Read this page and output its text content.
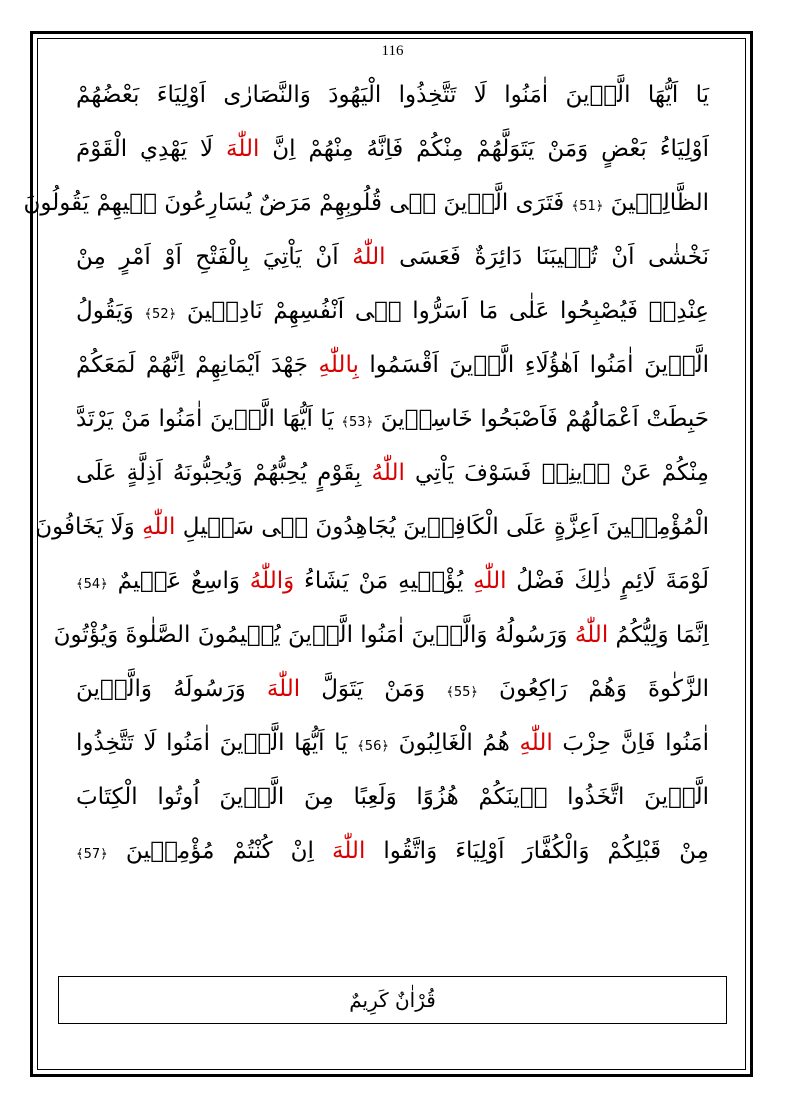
116
يَا اَيُّهَا الَّذٖينَ اٰمَنُوا لَا تَتَّخِذُوا الْيَهُودَ وَالنَّصَارٰى اَوْلِيَاءَ بَعْضُهُمْ
اَوْلِيَاءُ بَعْضٍ وَمَنْ يَتَوَلَّهُمْ مِنْكُمْ فَاِنَّهُ مِنْهُمْ اِنَّ اللّٰهَ لَا يَهْدِي الْقَوْمَ
الظَّالِمٖينَ ﴿51﴾ فَتَرَى الَّذٖينَ فٖى قُلُوبِهِمْ مَرَضٌ يُسَارِعُونَ فٖيهِمْ يَقُولُونَ
نَخْشٰى اَنْ تُصٖيبَنَا دَائِرَةٌ فَعَسَى اللّٰهُ اَنْ يَاْتِيَ بِالْفَتْحِ اَوْ اَمْرٍ مِنْ
عِنْدِهٖ فَيُصْبِحُوا عَلٰى مَا اَسَرُّوا فٖى اَنْفُسِهِمْ نَادِمٖينَ ﴿52﴾ وَيَقُولُ
الَّذٖينَ اٰمَنُوا اَهٰؤُلَاءِ الَّذٖينَ اَقْسَمُوا بِاللّٰهِ جَهْدَ اَيْمَانِهِمْ اِنَّهُمْ لَمَعَكُمْ
حَبِطَتْ اَعْمَالُهُمْ فَاَصْبَحُوا خَاسِرٖينَ ﴿53﴾ يَا اَيُّهَا الَّذٖينَ اٰمَنُوا مَنْ يَرْتَدَّ
مِنْكُمْ عَنْ دٖينِهٖ فَسَوْفَ يَاْتِي اللّٰهُ بِقَوْمٍ يُحِبُّهُمْ وَيُحِبُّونَهُ اَذِلَّةٍ عَلَى
الْمُؤْمِنٖينَ اَعِزَّةٍ عَلَى الْكَافِرٖينَ يُجَاهِدُونَ فٖى سَبٖيلِ اللّٰهِ وَلَا يَخَافُونَ
لَوْمَةَ لَائِمٍ ذٰلِكَ فَضْلُ اللّٰهِ يُؤْتٖيهِ مَنْ يَشَاءُ وَاللّٰهُ وَاسِعٌ عَلٖيمٌ ﴿54﴾
اِنَّمَا وَلِيُّكُمُ اللّٰهُ وَرَسُولُهُ وَالَّذٖينَ اٰمَنُوا الَّذٖينَ يُقٖيمُونَ الصَّلٰوةَ وَيُؤْتُونَ
الزَّكٰوةَ وَهُمْ رَاكِعُونَ ﴿55﴾ وَمَنْ يَتَوَلَّ اللّٰهَ وَرَسُولَهُ وَالَّذٖينَ
اٰمَنُوا فَاِنَّ حِزْبَ اللّٰهِ هُمُ الْغَالِبُونَ ﴿56﴾ يَا اَيُّهَا الَّذٖينَ اٰمَنُوا لَا تَتَّخِذُوا
الَّذٖينَ اتَّخَذُوا دٖينَكُمْ هُزُوًا وَلَعِبًا مِنَ الَّذٖينَ اُوتُوا الْكِتَابَ
مِنْ قَبْلِكُمْ وَالْكُفَّارَ اَوْلِيَاءَ وَاتَّقُوا اللّٰهَ اِنْ كُنْتُمْ مُؤْمِنٖينَ ﴿57﴾
قُرْاٰنٌ كَرِيمٌ
